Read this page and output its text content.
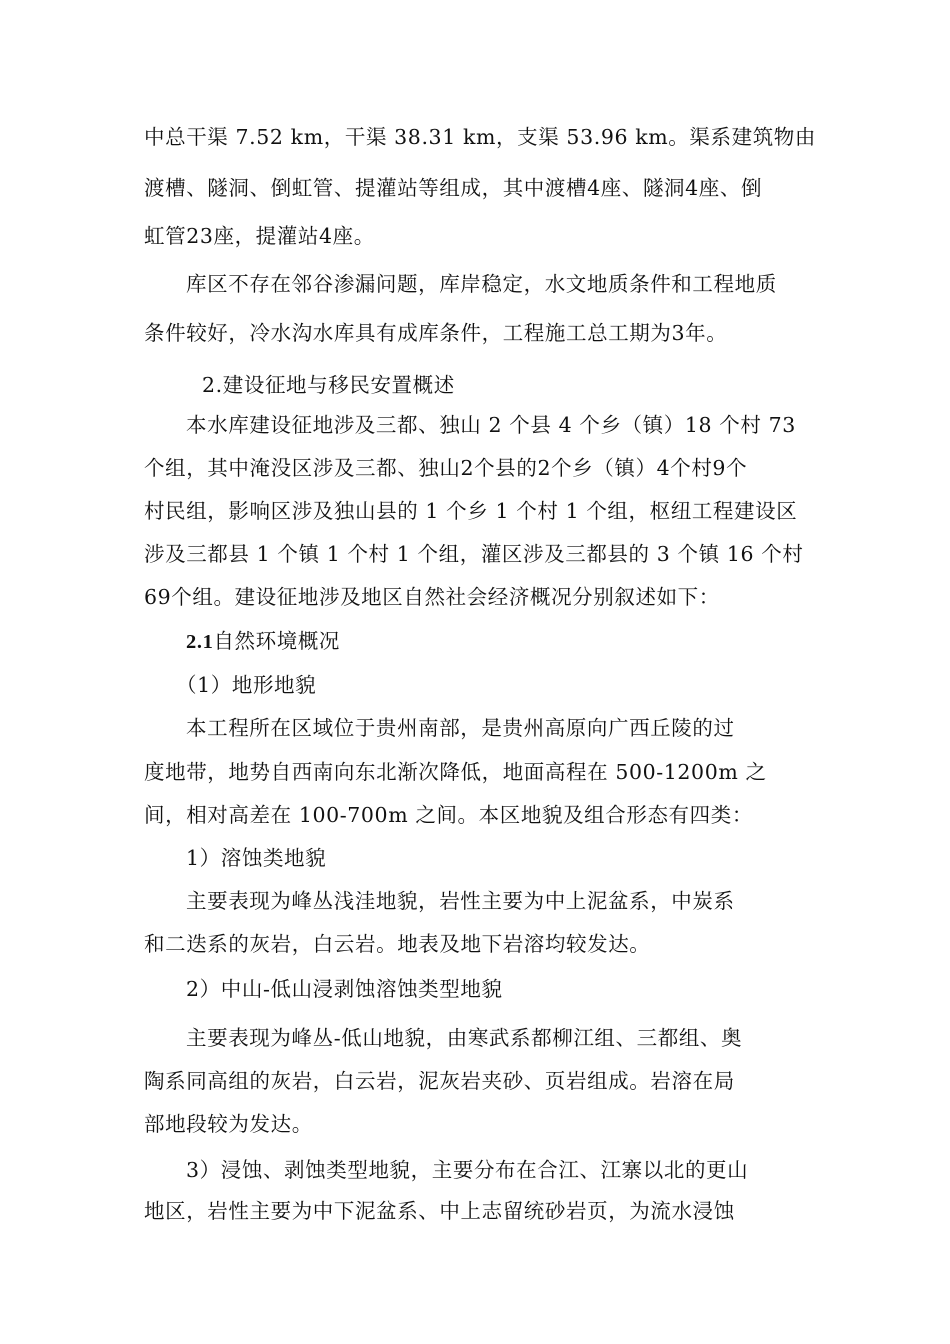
中总干渠 7.52 km，干渠 38.31 km，支渠 53.96 km。渠系建筑物由
渡槽、隧洞、倒虹管、提灌站等组成，其中渡槽4座、隧洞4座、倒
虹管23座，提灌站4座。
库区不存在邻谷渗漏问题，库岸稳定，水文地质条件和工程地质
条件较好，冷水沟水库具有成库条件，工程施工总工期为3年。
2.建设征地与移民安置概述
本水库建设征地涉及三都、独山 2 个县 4 个乡（镇）18 个村 73
个组，其中淹没区涉及三都、独山2个县的2个乡（镇）4个村9个
村民组，影响区涉及独山县的 1 个乡 1 个村 1 个组，枢纽工程建设区
涉及三都县 1 个镇 1 个村 1 个组，灌区涉及三都县的 3 个镇 16 个村
69个组。建设征地涉及地区自然社会经济概况分别叙述如下：
2.1自然环境概况
（1）地形地貌
本工程所在区域位于贵州南部，是贵州高原向广西丘陵的过
度地带，地势自西南向东北渐次降低，地面高程在 500-1200m 之
间，相对高差在 100-700m 之间。本区地貌及组合形态有四类：
1）溶蚀类地貌
主要表现为峰丛浅洼地貌，岩性主要为中上泥盆系，中炭系
和二迭系的灰岩，白云岩。地表及地下岩溶均较发达。
2）中山-低山浸剥蚀溶蚀类型地貌
主要表现为峰丛-低山地貌，由寒武系都柳江组、三都组、奥
陶系同高组的灰岩，白云岩，泥灰岩夹砂、页岩组成。岩溶在局
部地段较为发达。
3）浸蚀、剥蚀类型地貌，主要分布在合江、江寨以北的更山
地区，岩性主要为中下泥盆系、中上志留统砂岩页，为流水浸蚀
